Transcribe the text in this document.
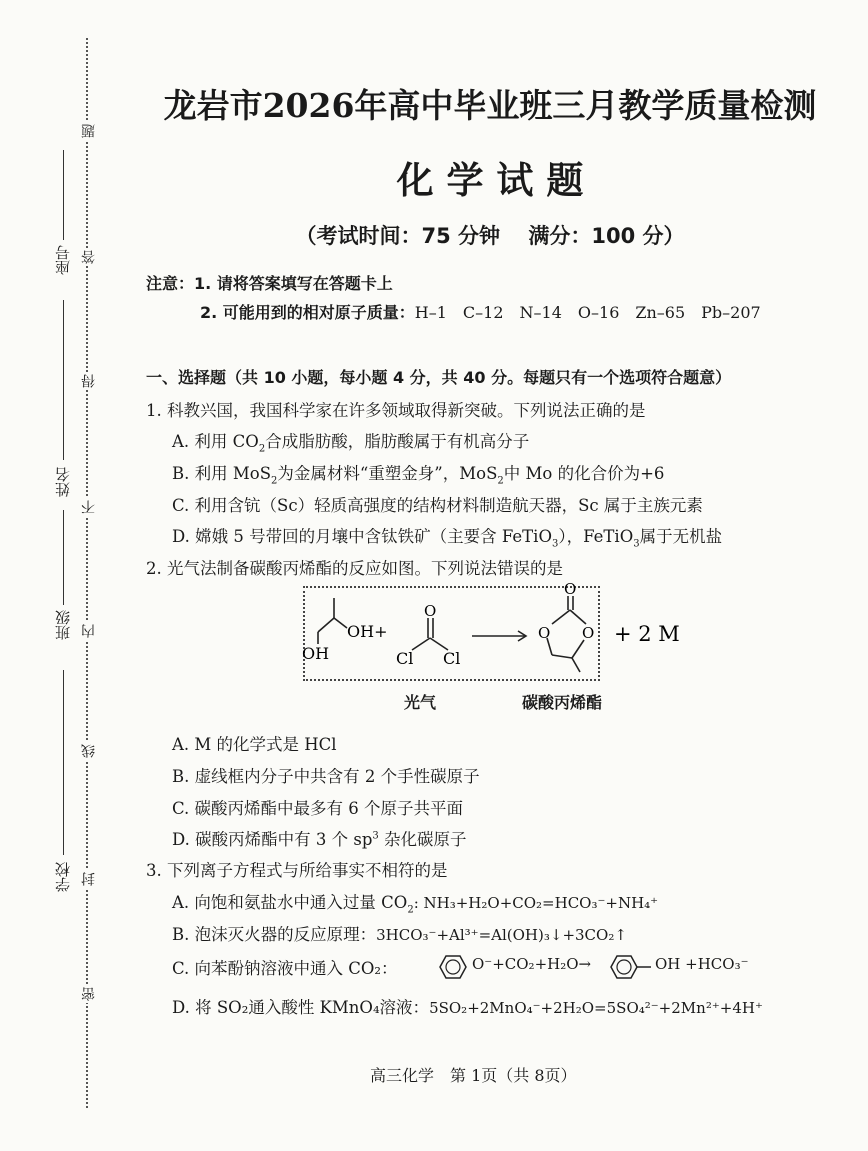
座号
姓名
班级
学校
题
答
得
不
内
线
封
密
龙岩市2026年高中毕业班三月教学质量检测
化 学 试 题
（考试时间：75 分钟　 满分：100 分）
注意：1. 请将答案填写在答题卡上
2. 可能用到的相对原子质量：H–1　C–12　N–14　O–16　Zn–65　Pb–207
一、选择题（共 10 小题，每小题 4 分，共 40 分。每题只有一个选项符合题意）
1. 科教兴国，我国科学家在许多领域取得新突破。下列说法正确的是
A. 利用 $CO_2$合成脂肪酸，脂肪酸属于有机高分子
B. 利用 MoS$_2$为金属材料“重塑金身”，MoS$_2$中 Mo 的化合价为+6
C. 利用含钪（Sc）轻质高强度的结构材料制造航天器，Sc 属于主族元素
D. 嫦娥 5 号带回的月壤中含钛铁矿（主要含 FeTiO$_3$），FeTiO$_3$属于无机盐
2. 光气法制备碳酸丙烯酯的反应如图。下列说法错误的是
OH+
OH
O
Cl Cl
O
O O + 2 M
光气	碳酸丙烯酯
A. M 的化学式是 HCl
B. 虚线框内分子中共含有 2 个手性碳原子
C. 碳酸丙烯酯中最多有 6 个原子共平面
D. 碳酸丙烯酯中有 3 个 $sp^3$ 杂化碳原子
3. 下列离子方程式与所给事实不相符的是
A. 向饱和氨盐水中通入过量 $CO_2$: NH₃+H₂O+CO₂=HCO₃⁻+NH₄⁺
B. 泡沫灭火器的反应原理：3HCO₃⁻+Al³⁺=Al(OH)₃↓+3CO₂↑
C. 向苯酚钠溶液中通入 CO₂：	O⁻+CO₂+H₂O→	OH +HCO₃⁻
D. 将 SO₂通入酸性 KMnO₄溶液：5SO₂+2MnO₄⁻+2H₂O=5SO₄²⁻+2Mn²⁺+4H⁺
高三化学　第 1页（共 8页）
